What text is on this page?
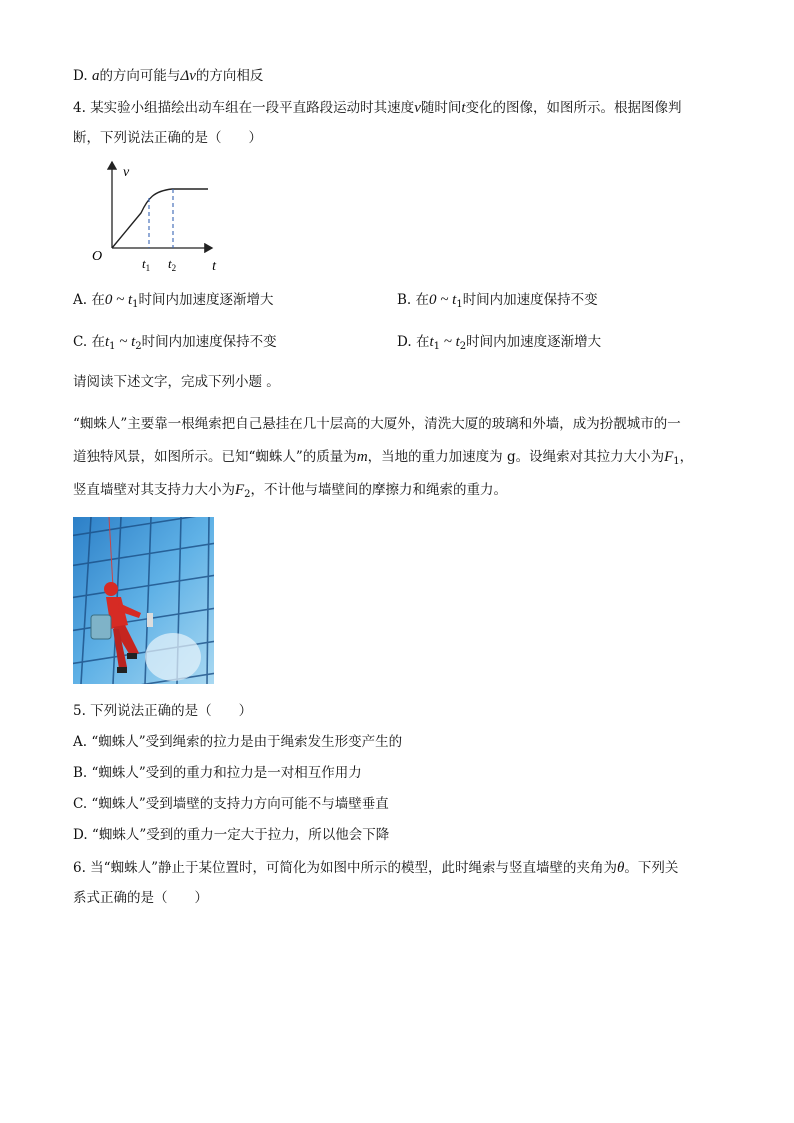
D. a的方向可能与Δv的方向相反
4. 某实验小组描绘出动车组在一段平直路段运动时其速度v随时间t变化的图像，如图所示。根据图像判
断，下列说法正确的是（　　）
v
t
O	$t_1$ $t_2$
A. 在0 ~ $t_1$时间内加速度逐渐增大	B. 在0 ~ $t_1$时间内加速度保持不变
C. 在$t_1$ ~ $t_2$时间内加速度保持不变	D. 在$t_1$ ~ $t_2$时间内加速度逐渐增大
请阅读下述文字，完成下列小题 。
“蜘蛛人”主要靠一根绳索把自己悬挂在几十层高的大厦外，清洗大厦的玻璃和外墙，成为扮靓城市的一
道独特风景，如图所示。已知“蜘蛛人”的质量为m，当地的重力加速度为 g。设绳索对其拉力大小为$F_1$，
竖直墙壁对其支持力大小为$F_2$，不计他与墙壁间的摩擦力和绳索的重力。
5. 下列说法正确的是（　　）
A. “蜘蛛人”受到绳索的拉力是由于绳索发生形变产生的
B. “蜘蛛人”受到的重力和拉力是一对相互作用力
C. “蜘蛛人”受到墙壁的支持力方向可能不与墙壁垂直
D. “蜘蛛人”受到的重力一定大于拉力，所以他会下降
6. 当“蜘蛛人”静止于某位置时，可简化为如图中所示的模型，此时绳索与竖直墙壁的夹角为θ。下列关
系式正确的是（　　）
